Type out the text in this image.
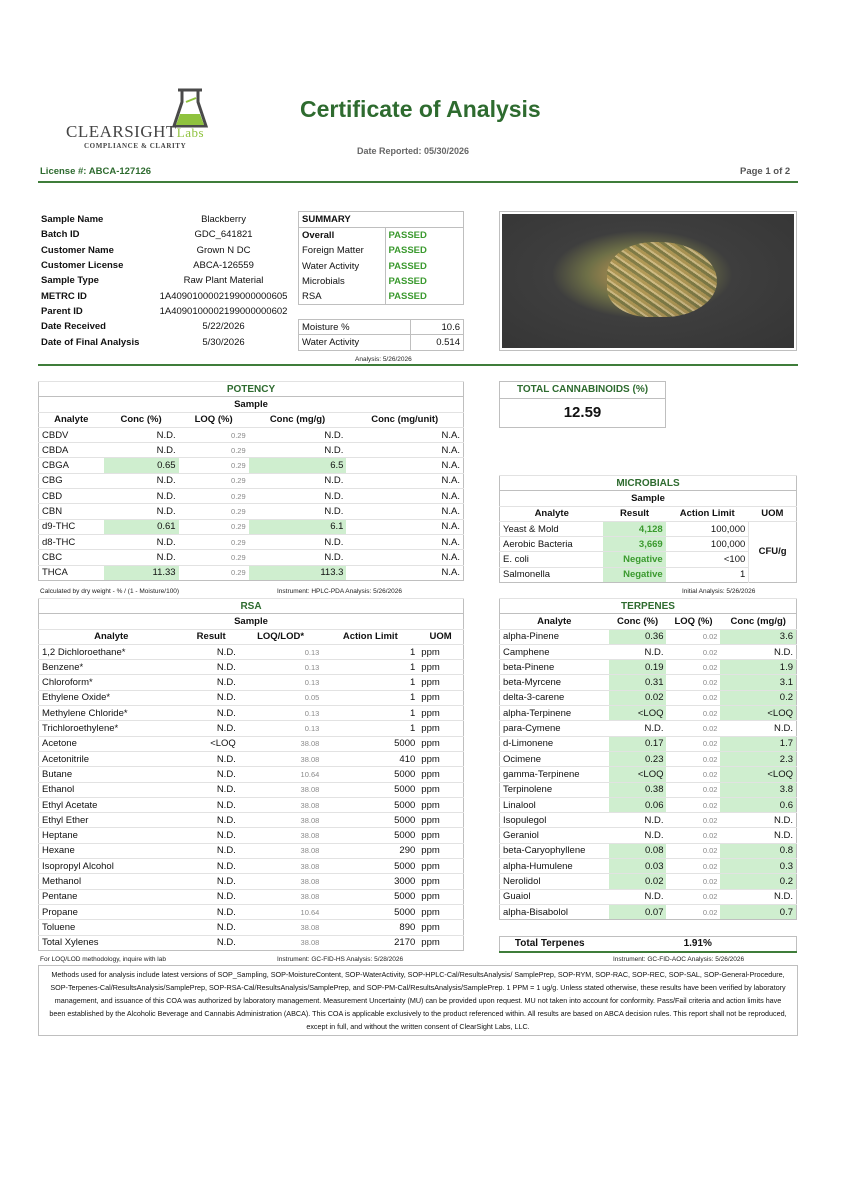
CLEARSIGHTLabs
COMPLIANCE & CLARITY
Certificate of Analysis
Date Reported: 05/30/2026
License #: ABCA-127126	Page 1 of 2
Sample Name	Blackberry
Batch ID	GDC_641821
Customer Name	Grown N DC
Customer License	ABCA-126559
Sample Type	Raw Plant Material
METRC ID	1A4090100002199000000605
Parent ID	1A4090100002199000000602
Date Received	5/22/2026
Date of Final Analysis	5/30/2026
SUMMARY
Overall	PASSED
Foreign Matter	PASSED
Water Activity	PASSED
Microbials	PASSED
RSA	PASSED
Moisture %	10.6
Water Activity	0.514
Analysis: 5/26/2026
POTENCY				
Sample				
Analyte	Conc (%)	LOQ (%)	Conc (mg/g)	Conc (mg/unit)
CBDV	N.D.	0.29	N.D.	N.A.
CBDA	N.D.	0.29	N.D.	N.A.
CBGA	0.65	0.29	6.5	N.A.
CBG	N.D.	0.29	N.D.	N.A.
CBD	N.D.	0.29	N.D.	N.A.
CBN	N.D.	0.29	N.D.	N.A.
d9-THC	0.61	0.29	6.1	N.A.
d8-THC	N.D.	0.29	N.D.	N.A.
CBC	N.D.	0.29	N.D.	N.A.
THCA	11.33	0.29	113.3	N.A.
Calculated by dry weight - % / (1 - Moisture/100)	Instrument: HPLC-PDA Analysis: 5/26/2026
TOTAL CANNABINOIDS (%)
12.59
MICROBIALS			
Sample			
Analyte	Result	Action Limit	UOM
Yeast & Mold	4,128	100,000	CFU/g
Aerobic Bacteria	3,669	100,000	
E. coli	Negative	<100	
Salmonella	Negative	1	
Initial Analysis: 5/26/2026
RSA				
Sample				
Analyte	Result	LOQ/LOD*	Action Limit	UOM
1,2 Dichloroethane*	N.D.	0.13	1	ppm
Benzene*	N.D.	0.13	1	ppm
Chloroform*	N.D.	0.13	1	ppm
Ethylene Oxide*	N.D.	0.05	1	ppm
Methylene Chloride*	N.D.	0.13	1	ppm
Trichloroethylene*	N.D.	0.13	1	ppm
Acetone	<LOQ	38.08	5000	ppm
Acetonitrile	N.D.	38.08	410	ppm
Butane	N.D.	10.64	5000	ppm
Ethanol	N.D.	38.08	5000	ppm
Ethyl Acetate	N.D.	38.08	5000	ppm
Ethyl Ether	N.D.	38.08	5000	ppm
Heptane	N.D.	38.08	5000	ppm
Hexane	N.D.	38.08	290	ppm
Isopropyl Alcohol	N.D.	38.08	5000	ppm
Methanol	N.D.	38.08	3000	ppm
Pentane	N.D.	38.08	5000	ppm
Propane	N.D.	10.64	5000	ppm
Toluene	N.D.	38.08	890	ppm
Total Xylenes	N.D.	38.08	2170	ppm
For LOQ/LOD methodology, inquire with lab	Instrument: GC-FID-HS Analysis: 5/28/2026
TERPENES			
Analyte	Conc (%)	LOQ (%)	Conc (mg/g)
alpha-Pinene	0.36	0.02	3.6
Camphene	N.D.	0.02	N.D.
beta-Pinene	0.19	0.02	1.9
beta-Myrcene	0.31	0.02	3.1
delta-3-carene	0.02	0.02	0.2
alpha-Terpinene	<LOQ	0.02	<LOQ
para-Cymene	N.D.	0.02	N.D.
d-Limonene	0.17	0.02	1.7
Ocimene	0.23	0.02	2.3
gamma-Terpinene	<LOQ	0.02	<LOQ
Terpinolene	0.38	0.02	3.8
Linalool	0.06	0.02	0.6
Isopulegol	N.D.	0.02	N.D.
Geraniol	N.D.	0.02	N.D.
beta-Caryophyllene	0.08	0.02	0.8
alpha-Humulene	0.03	0.02	0.3
Nerolidol	0.02	0.02	0.2
Guaiol	N.D.	0.02	N.D.
alpha-Bisabolol	0.07	0.02	0.7
Total Terpenes	1.91%
Instrument: GC-FID-AOC Analysis: 5/26/2026
Methods used for analysis include latest versions of SOP_Sampling, SOP-MoistureContent, SOP-WaterActivity, SOP-HPLC-Cal/ResultsAnalysis/ SamplePrep, SOP-RYM, SOP-RAC, SOP-REC, SOP-SAL, SOP-General-Procedure, SOP-Terpenes-Cal/ResultsAnalysis/SamplePrep, SOP-RSA-Cal/ResultsAnalysis/SamplePrep, and SOP-PM-Cal/ResultsAnalysis/SamplePrep. 1 PPM = 1 ug/g. Unless stated otherwise, these results have been verified by laboratory management, and issuance of this COA was authorized by laboratory management. Measurement Uncertainty (MU) can be provided upon request. MU not taken into account for conformity. Pass/Fail criteria and action limits have been established by the Alcoholic Beverage and Cannabis Administration (ABCA). This COA is applicable exclusively to the product referenced within. All results are based on ABCA decision rules. This report shall not be reproduced, except in full, and without the written consent of ClearSight Labs, LLC.
